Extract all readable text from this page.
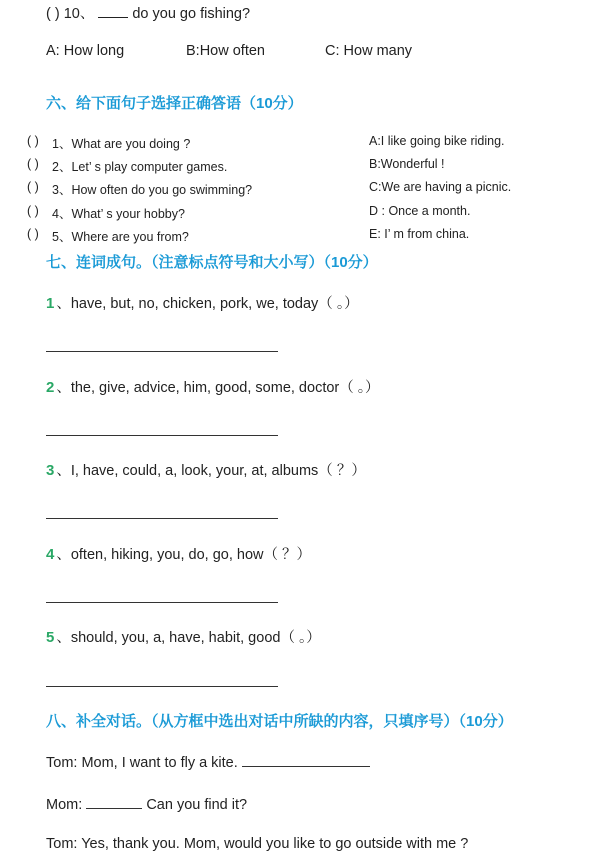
( ) 10、	do you go fishing?
A: How long	B:How often	C: How many
六、给下面句子选择正确答语（10分）
( ) 1、What are you doing ?	A:I like going bike riding.
( ) 2、Let’ s play computer games.	B:Wonderful !
( ) 3、How often do you go swimming?	C:We are having a picnic.
( ) 4、What’ s your hobby?	D : Once a month.
( ) 5、Where are you from?	E: I’ m from china.
七、连词成句。（注意标点符号和大小写）（10分）
1 、have, but, no, chicken, pork, we, today（ 。）
2 、the, give, advice, him, good, some, doctor（ 。）
3 、I, have, could, a, look, your, at, albums（ ？）
4 、often, hiking, you, do, go, how（ ？）
5 、should, you, a, have, habit, good（ 。）
八、补全对话。（从方框中选出对话中所缺的内容，只填序号）（10分）
Tom: Mom, I want to fly a kite.
Mom:	Can you find it?
Tom: Yes, thank you. Mom, would you like to go outside with me ?
